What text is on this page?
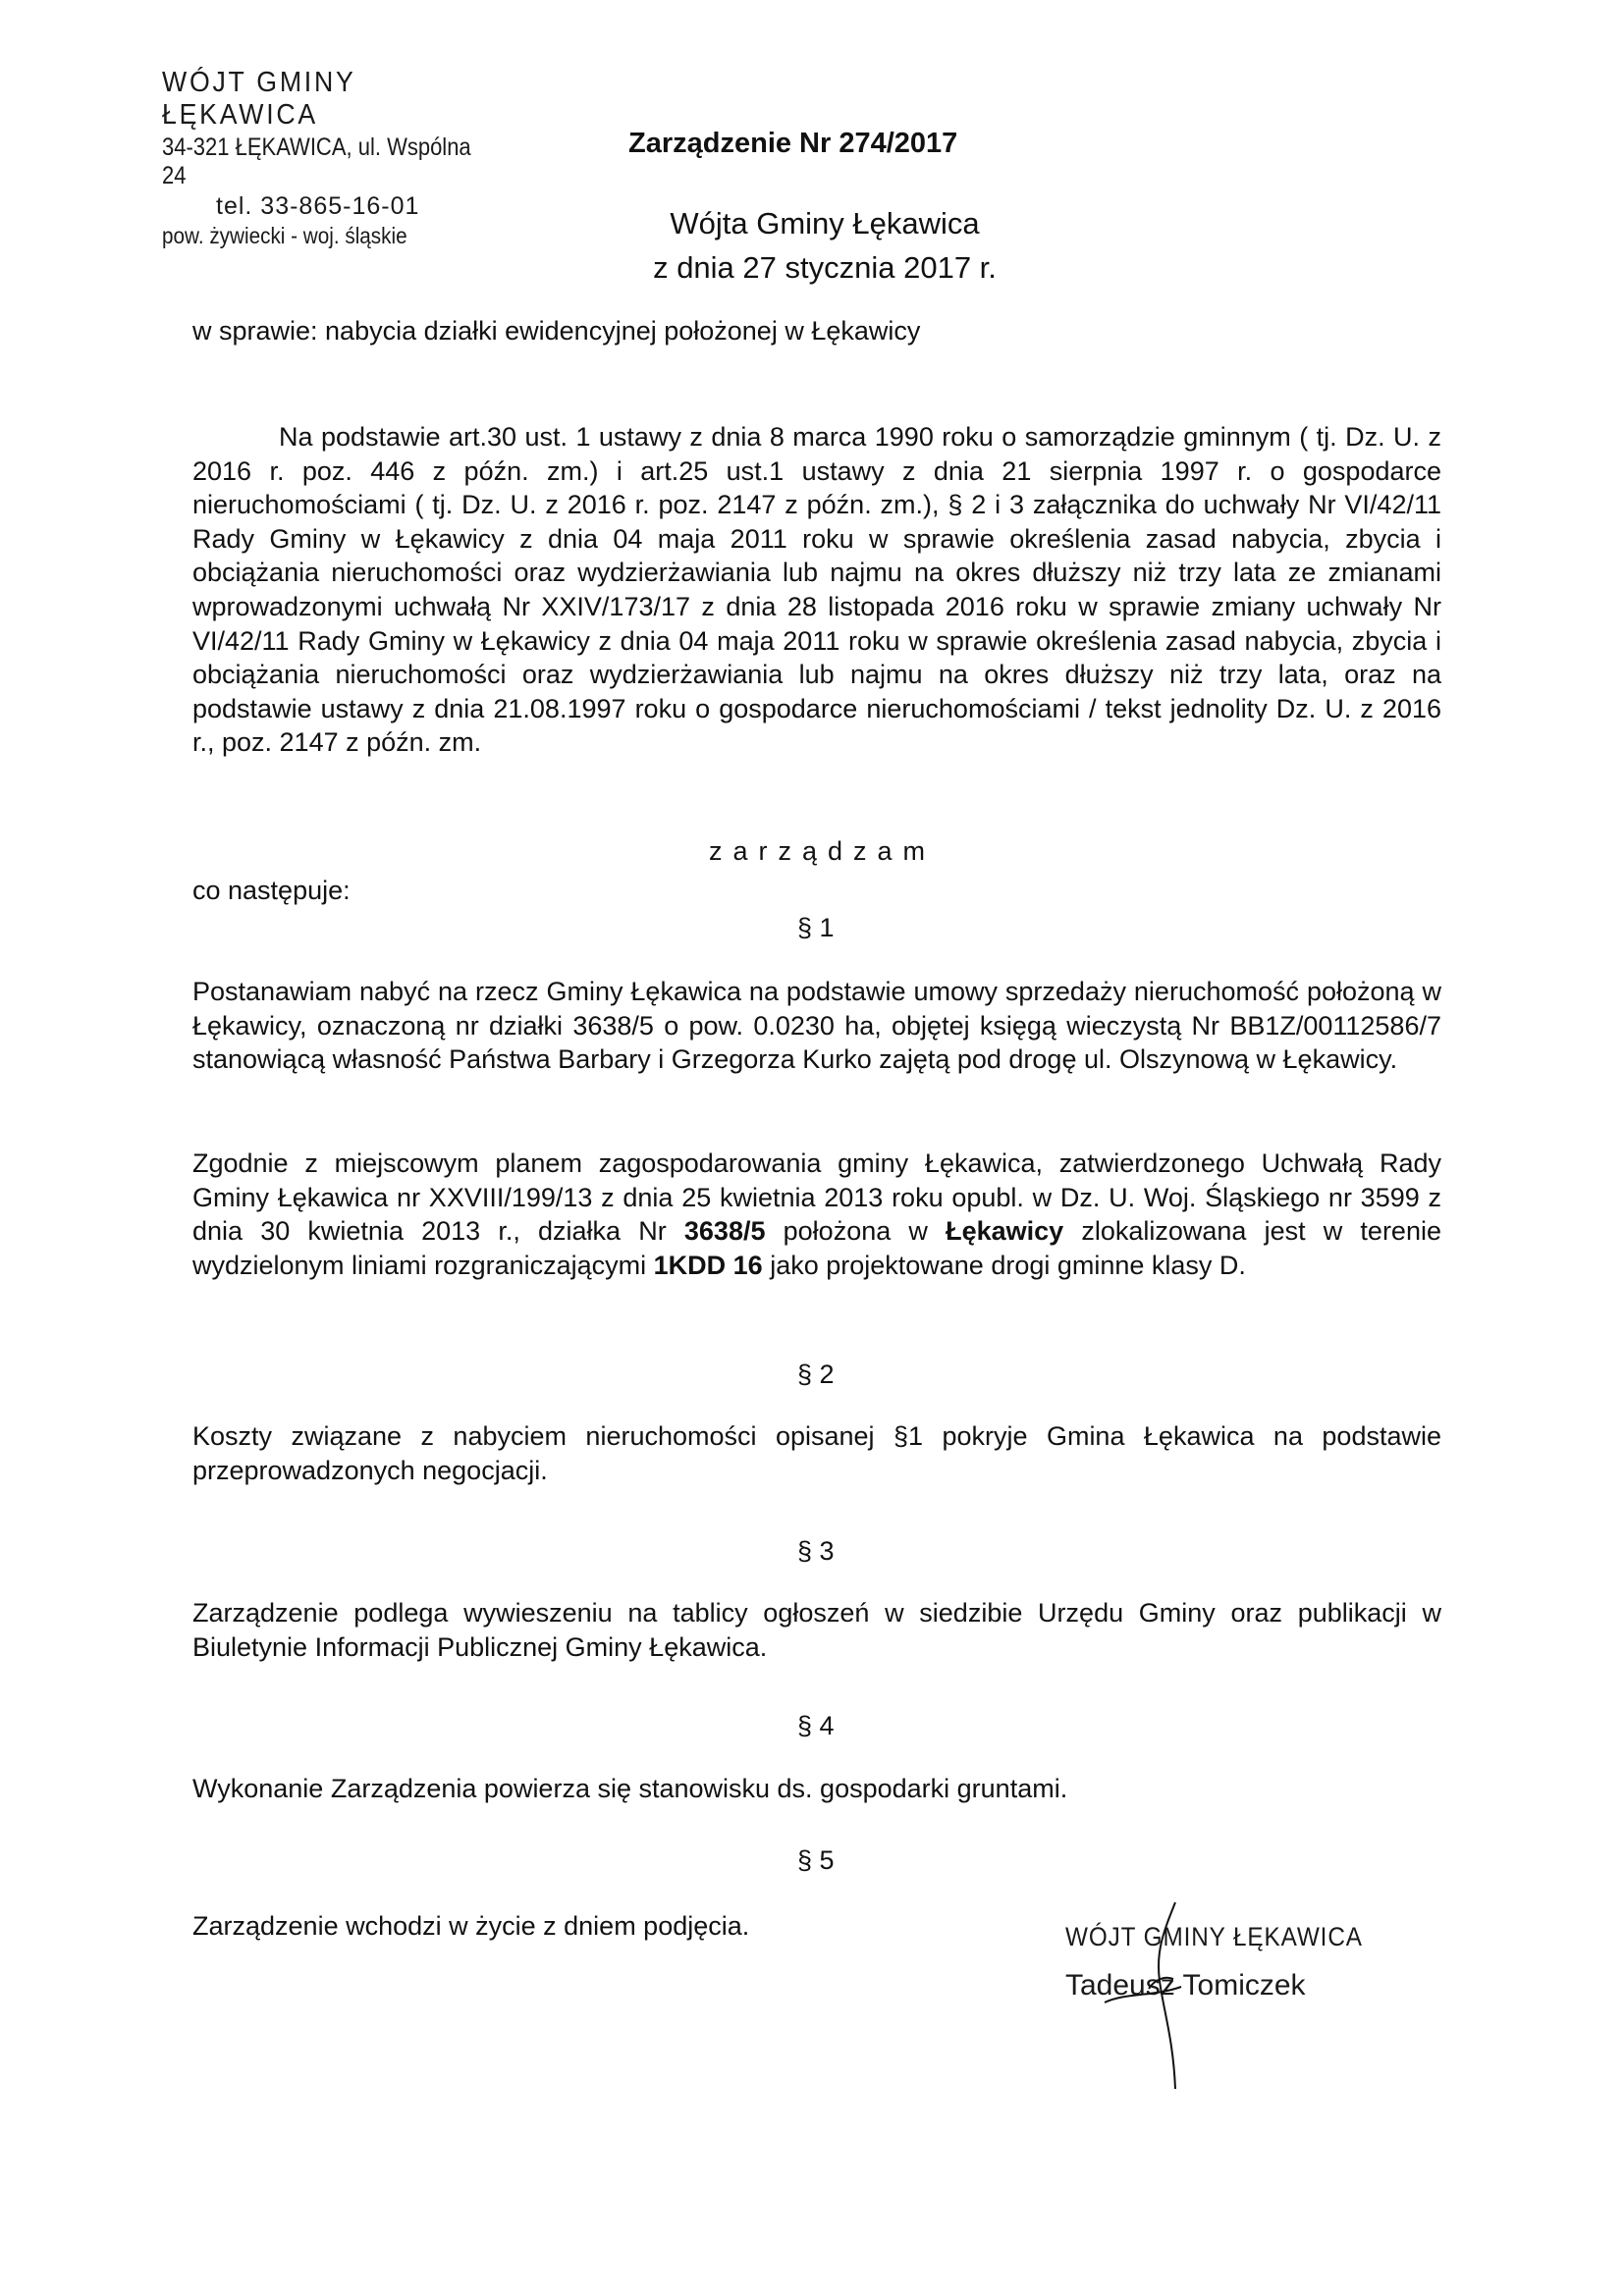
WÓJT GMINY ŁĘKAWICA
34-321 ŁĘKAWICA, ul. Wspólna 24
tel. 33-865-16-01
pow. żywiecki - woj. śląskie
Zarządzenie Nr 274/2017
Wójta Gminy Łękawica
z dnia 27 stycznia 2017 r.
w sprawie: nabycia działki ewidencyjnej położonej w Łękawicy

Na podstawie art.30 ust. 1 ustawy z dnia 8 marca 1990 roku o samorządzie gminnym ( tj. Dz. U. z 2016 r. poz. 446 z późn. zm.) i art.25 ust.1 ustawy z dnia 21 sierpnia 1997 r. o gospodarce nieruchomościami ( tj. Dz. U. z 2016 r. poz. 2147 z późn. zm.), § 2 i 3 załącznika do uchwały Nr VI/42/11 Rady Gminy w Łękawicy z dnia 04 maja 2011 roku w sprawie określenia zasad nabycia, zbycia i obciążania nieruchomości oraz wydzierżawiania lub najmu na okres dłuższy niż trzy lata ze zmianami wprowadzonymi uchwałą Nr XXIV/173/17 z dnia 28 listopada 2016 roku w sprawie zmiany uchwały Nr VI/42/11 Rady Gminy w Łękawicy z dnia 04 maja 2011 roku w sprawie określenia zasad nabycia, zbycia i obciążania nieruchomości oraz wydzierżawiania lub najmu na okres dłuższy niż trzy lata, oraz na podstawie ustawy z dnia 21.08.1997 roku o gospodarce nieruchomościami / tekst jednolity Dz. U. z 2016 r., poz. 2147 z późn. zm.

zarządzam
co następuje:
§ 1

Postanawiam nabyć na rzecz Gminy Łękawica na podstawie umowy sprzedaży nieruchomość położoną w Łękawicy, oznaczoną nr działki 3638/5 o pow. 0.0230 ha, objętej księgą wieczystą Nr BB1Z/00112586/7 stanowiącą własność Państwa Barbary i Grzegorza Kurko zajętą pod drogę ul. Olszynową w Łękawicy.

Zgodnie z miejscowym planem zagospodarowania gminy Łękawica, zatwierdzonego Uchwałą Rady Gminy Łękawica nr XXVIII/199/13 z dnia 25 kwietnia 2013 roku opubl. w Dz. U. Woj. Śląskiego nr 3599 z dnia 30 kwietnia 2013 r., działka Nr 3638/5 położona w Łękawicy zlokalizowana jest w terenie wydzielonym liniami rozgraniczającymi 1KDD 16 jako projektowane drogi gminne klasy D.

§ 2

Koszty związane z nabyciem nieruchomości opisanej §1 pokryje Gmina Łękawica na podstawie przeprowadzonych negocjacji.

§ 3

Zarządzenie podlega wywieszeniu na tablicy ogłoszeń w siedzibie Urzędu Gminy oraz publikacji w Biuletynie Informacji Publicznej Gminy Łękawica.

§ 4

Wykonanie Zarządzenia powierza się stanowisku ds. gospodarki gruntami.

§ 5

Zarządzenie wchodzi w życie z dniem podjęcia.	WÓJT GMINY ŁĘKAWICA
Tadeusz Tomiczek
